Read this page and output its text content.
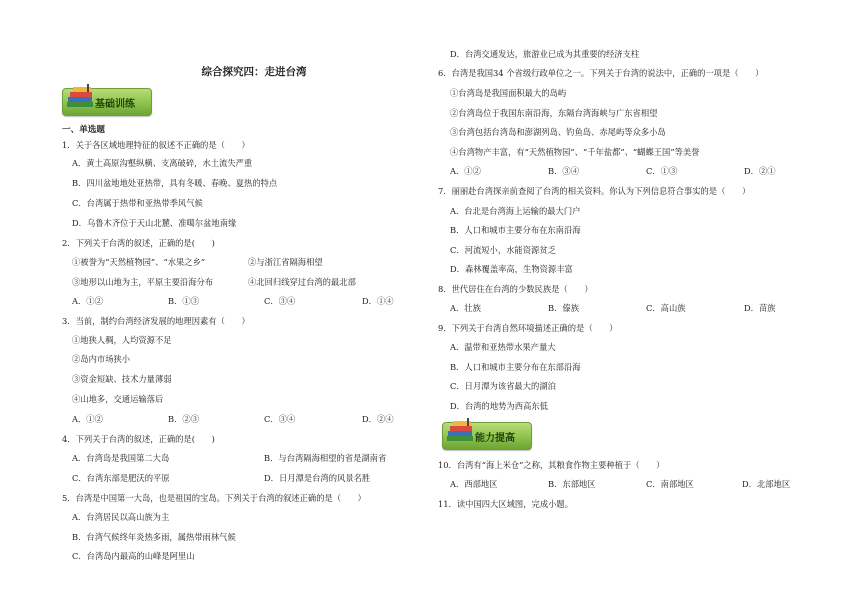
综合探究四：走进台湾
基础训练
一、单选题
1．关于各区域地理特征的叙述不正确的是（　　）
A．黄土高原沟壑纵横、支离破碎，水土流失严重
B．四川盆地地处亚热带，具有冬暖、春晚、夏热的特点
C．台湾属于热带和亚热带季风气候
D．乌鲁木齐位于天山北麓、准噶尔盆地南缘
2．下列关于台湾的叙述，正确的是(　　)
①被誉为“天然植物园”、“水果之乡”	②与浙江省隔海相望
③地形以山地为主，平原主要沿海分布	④北回归线穿过台湾的最北部
A．①②	B．①③	C．③④	D．①④
3．当前，制约台湾经济发展的地理因素有（　　）
①地狭人稠，人均资源不足
②岛内市场狭小
③资金短缺、技术力量薄弱
④山地多，交通运输落后
A．①②	B．②③	C．③④	D．②④
4．下列关于台湾的叙述，正确的是(　　)
A．台湾岛是我国第二大岛	B．与台湾隔海相望的省是湖南省
C．台湾东部是肥沃的平原	D．日月潭是台湾的风景名胜
5．台湾是中国第一大岛，也是祖国的宝岛。下列关于台湾的叙述正确的是（　　）
A．台湾居民以高山族为主
B．台湾气候终年炎热多雨，属热带雨林气候
C．台湾岛内最高的山峰是阿里山
D．台湾交通发达，旅游业已成为其重要的经济支柱
6．台湾是我国34 个省级行政单位之一。下列关于台湾的说法中，正确的一项是（　　）
①台湾岛是我国面积最大的岛屿
②台湾岛位于我国东南沿海，东隔台湾海峡与广东省相望
③台湾包括台湾岛和澎湖列岛、钓鱼岛、赤尾屿等众多小岛
④台湾物产丰富，有“天然植物园”、“千年盐都”、“蝴蝶王国”等美誉
A．①②	B．③④	C．①③	D．②①
7．丽丽赴台湾探亲前查阅了台湾的相关资料。你认为下列信息符合事实的是（　　）
A．台北是台湾海上运输的最大门户
B．人口和城市主要分布在东南沿海
C．河流短小，水能资源贫乏
D．森林覆盖率高，生物资源丰富
8．世代居住在台湾的少数民族是（　　）
A．壮族	B．傣族	C．高山族	D．苗族
9．下列关于台湾自然环境描述正确的是（　　）
A．温带和亚热带水果产量大
B．人口和城市主要分布在东部沿海
C．日月潭为该省最大的湖泊
D．台湾的地势为西高东低
能力提高
10．台湾有“海上米仓”之称，其粮食作物主要种植于（　　）
A．西部地区	B．东部地区	C．南部地区	D．北部地区
11．读中国四大区域图，完成小题。
